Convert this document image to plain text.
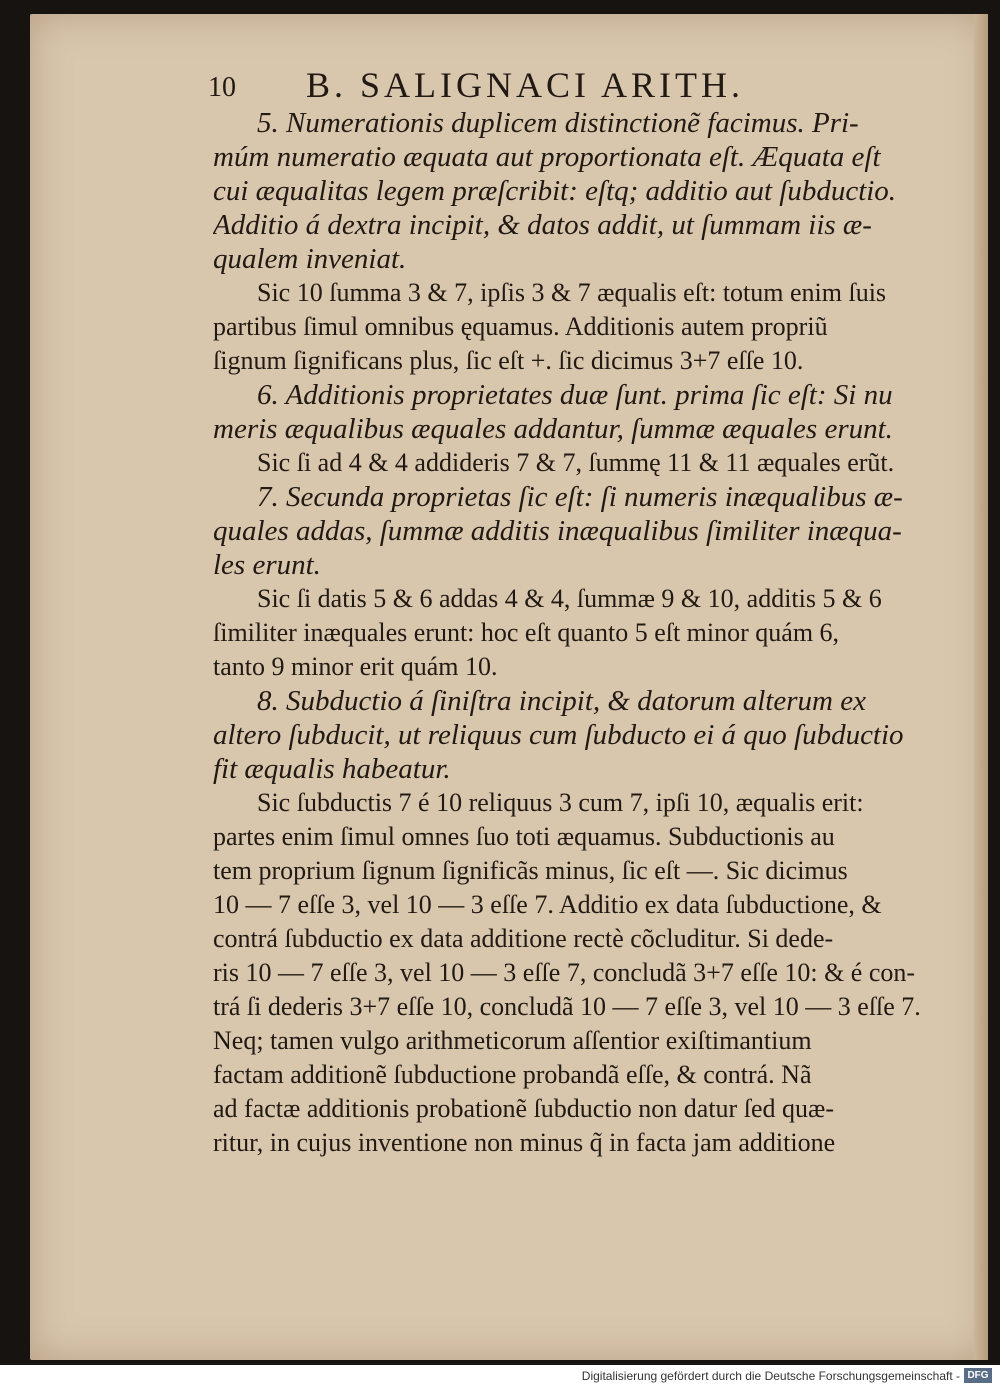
10 B. SALIGNACI ARITH.
5. Numerationis duplicem distinctionẽ facimus. Pri-
múm numeratio æquata aut proportionata eſt. Æquata eſt
cui æqualitas legem præſcribit: eſtq; additio aut ſubductio.
Additio á dextra incipit, & datos addit, ut ſummam iis æ-
qualem inveniat.
Sic 10 ſumma 3 & 7, ipſis 3 & 7 æqualis eſt: totum enim ſuis
partibus ſimul omnibus ęquamus. Additionis autem propriũ
ſignum ſignificans plus, ſic eſt +. ſic dicimus 3+7 eſſe 10.
6. Additionis proprietates duæ ſunt. prima ſic eſt: Si nu
meris æqualibus æquales addantur, ſummæ æquales erunt.
Sic ſi ad 4 & 4 addideris 7 & 7, ſummę 11 & 11 æquales erũt.
7. Secunda proprietas ſic eſt: ſi numeris inæqualibus æ-
quales addas, ſummæ additis inæqualibus ſimiliter inæqua-
les erunt.
Sic ſi datis 5 & 6 addas 4 & 4, ſummæ 9 & 10, additis 5 & 6
ſimiliter inæquales erunt: hoc eſt quanto 5 eſt minor quám 6,
tanto 9 minor erit quám 10.
8. Subductio á ſiniſtra incipit, & datorum alterum ex
altero ſubducit, ut reliquus cum ſubducto ei á quo ſubductio
fit æqualis habeatur.
Sic ſubductis 7 é 10 reliquus 3 cum 7, ipſi 10, æqualis erit:
partes enim ſimul omnes ſuo toti æquamus. Subductionis au
tem proprium ſignum ſignificãs minus, ſic eſt —. Sic dicimus
10 — 7 eſſe 3, vel 10 — 3 eſſe 7. Additio ex data ſubductione, &
contrá ſubductio ex data additione rectè cõcluditur. Si dede-
ris 10 — 7 eſſe 3, vel 10 — 3 eſſe 7, concludã 3+7 eſſe 10: & é con-
trá ſi dederis 3+7 eſſe 10, concludã 10 — 7 eſſe 3, vel 10 — 3 eſſe 7.
Neq; tamen vulgo arithmeticorum aſſentior exiſtimantium
factam additionẽ ſubductione probandã eſſe, & contrá. Nã
ad factæ additionis probationẽ ſubductio non datur ſed quæ-
ritur, in cujus inventione non minus q̃ in facta jam additione
Digitalisierung gefördert durch die Deutsche Forschungsgemeinschaft - DFG
